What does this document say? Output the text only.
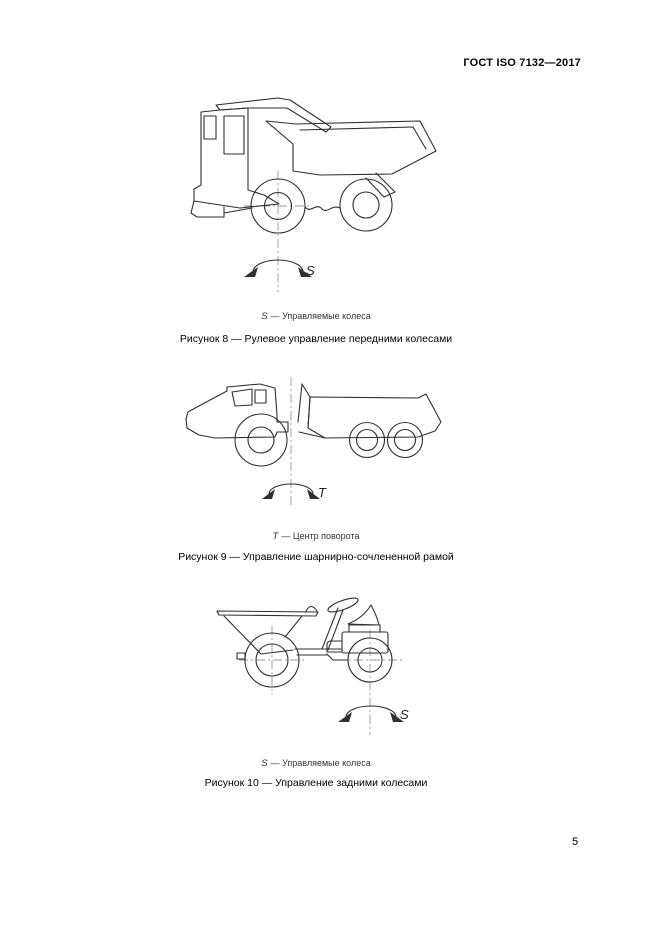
ГОСТ ISO 7132—2017
S
S — Управляемые колеса
Рисунок 8 — Рулевое управление передними колесами
T
T — Центр поворота
Рисунок 9 — Управление шарнирно-сочлененной рамой
S
S — Управляемые колеса
Рисунок 10 — Управление задними колесами
5
